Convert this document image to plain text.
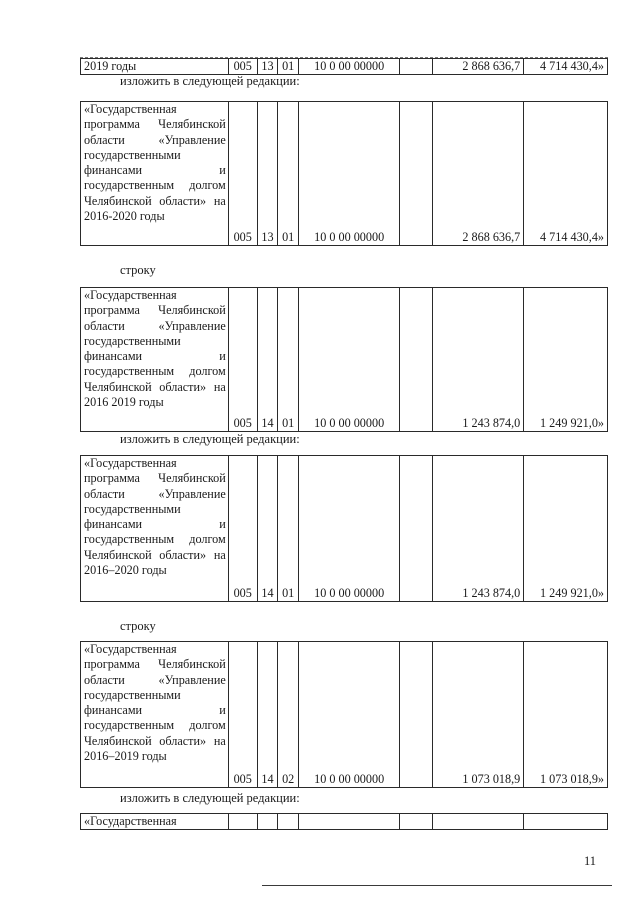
2019 годы	005	13	01	10 0 00 00000		2 868 636,7	4 714 430,4»
изложить в следующей редакции:
«Государственная программа Челябинской области «Управление государственными финансами и государственным долгом Челябинской области» на 2016-2020 годы	005	13	01	10 0 00 00000		2 868 636,7	4 714 430,4»
строку
«Государственная программа Челябинской области «Управление государственными финансами и государственным долгом Челябинской области» на 2016 2019 годы	005	14	01	10 0 00 00000		1 243 874,0	1 249 921,0»
изложить в следующей редакции:
«Государственная программа Челябинской области «Управление государственными финансами и государственным долгом Челябинской области» на 2016–2020 годы	005	14	01	10 0 00 00000		1 243 874,0	1 249 921,0»
строку
«Государственная программа Челябинской области «Управление государственными финансами и государственным долгом Челябинской области» на 2016–2019 годы	005	14	02	10 0 00 00000		1 073 018,9	1 073 018,9»
изложить в следующей редакции:
«Государственная							
11
